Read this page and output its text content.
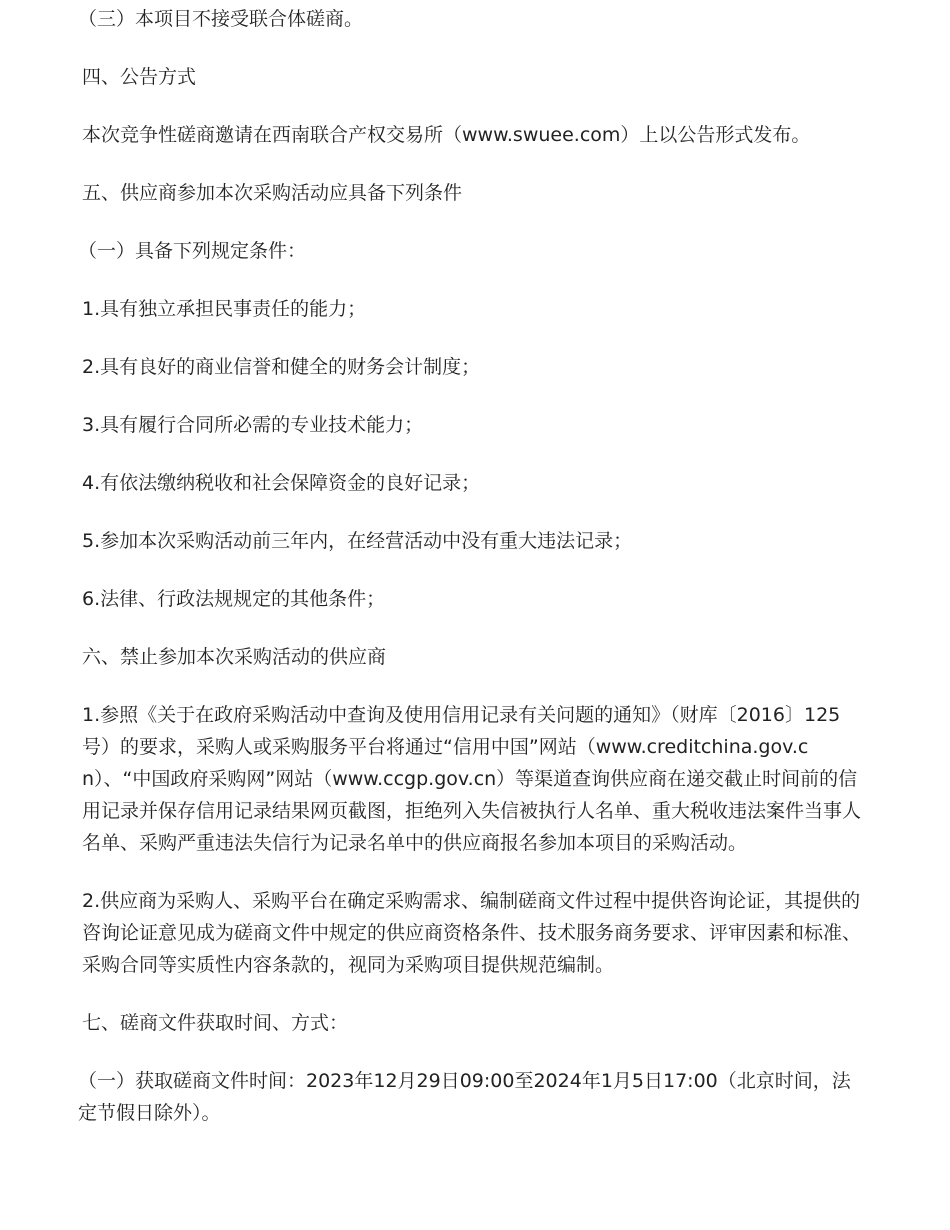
（三）本项目不接受联合体磋商。

四、公告方式

本次竞争性磋商邀请在西南联合产权交易所（www.swuee.com）上以公告形式发布。

五、供应商参加本次采购活动应具备下列条件

（一）具备下列规定条件：

1.具有独立承担民事责任的能力；

2.具有良好的商业信誉和健全的财务会计制度；

3.具有履行合同所必需的专业技术能力；

4.有依法缴纳税收和社会保障资金的良好记录；

5.参加本次采购活动前三年内，在经营活动中没有重大违法记录；

6.法律、行政法规规定的其他条件；

六、禁止参加本次采购活动的供应商

1.参照《关于在政府采购活动中查询及使用信用记录有关问题的通知》（财库〔2016〕125号）的要求，采购人或采购服务平台将通过“信用中国”网站（www.creditchina.gov.cn）、“中国政府采购网”网站（www.ccgp.gov.cn）等渠道查询供应商在递交截止时间前的信用记录并保存信用记录结果网页截图，拒绝列入失信被执行人名单、重大税收违法案件当事人名单、采购严重违法失信行为记录名单中的供应商报名参加本项目的采购活动。

2.供应商为采购人、采购平台在确定采购需求、编制磋商文件过程中提供咨询论证，其提供的咨询论证意见成为磋商文件中规定的供应商资格条件、技术服务商务要求、评审因素和标准、采购合同等实质性内容条款的，视同为采购项目提供规范编制。

七、磋商文件获取时间、方式：

（一）获取磋商文件时间：2023年12月29日09:00至2024年1月5日17:00（北京时间，法定节假日除外）。
